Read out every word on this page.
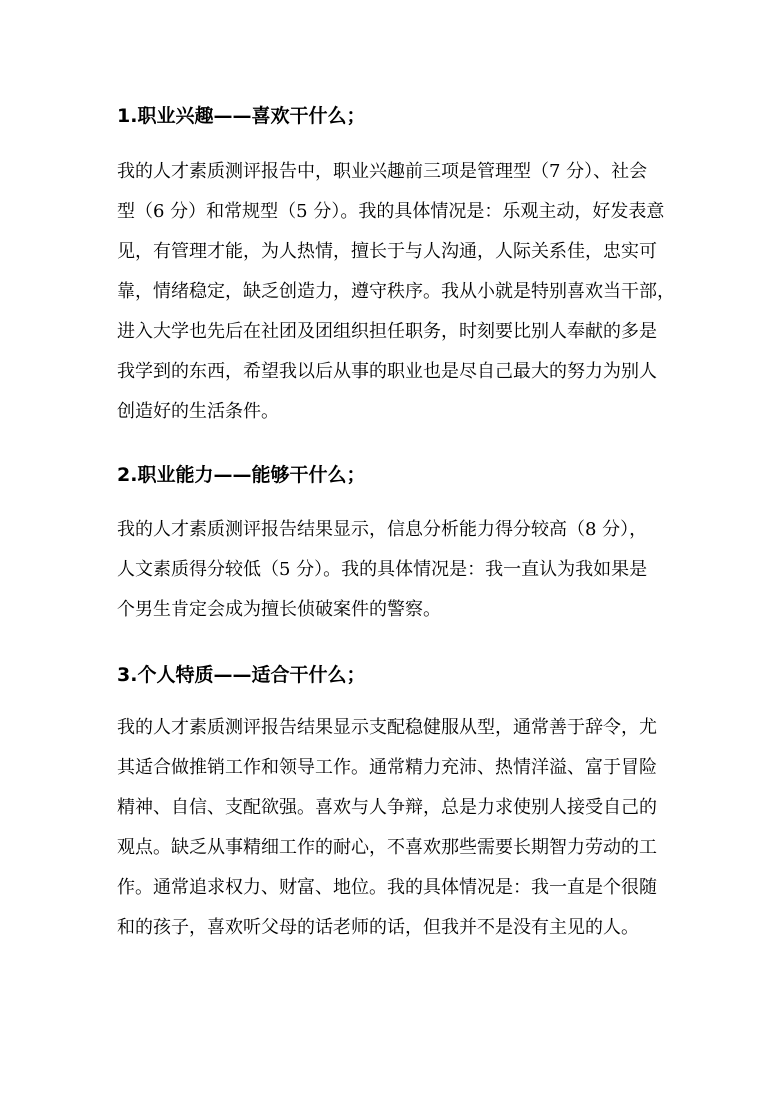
1.职业兴趣——喜欢干什么；
我的人才素质测评报告中，职业兴趣前三项是管理型（7 分）、社会
型（6 分）和常规型（5 分）。我的具体情况是：乐观主动，好发表意
见，有管理才能，为人热情，擅长于与人沟通，人际关系佳，忠实可
靠，情绪稳定，缺乏创造力，遵守秩序。我从小就是特别喜欢当干部，
进入大学也先后在社团及团组织担任职务，时刻要比别人奉献的多是
我学到的东西，希望我以后从事的职业也是尽自己最大的努力为别人
创造好的生活条件。
2.职业能力——能够干什么；
我的人才素质测评报告结果显示，信息分析能力得分较高（8 分），
人文素质得分较低（5 分）。我的具体情况是：我一直认为我如果是
个男生肯定会成为擅长侦破案件的警察。
3.个人特质——适合干什么；
我的人才素质测评报告结果显示支配稳健服从型，通常善于辞令，尤
其适合做推销工作和领导工作。通常精力充沛、热情洋溢、富于冒险
精神、自信、支配欲强。喜欢与人争辩，总是力求使别人接受自己的
观点。缺乏从事精细工作的耐心，不喜欢那些需要长期智力劳动的工
作。通常追求权力、财富、地位。我的具体情况是：我一直是个很随
和的孩子，喜欢听父母的话老师的话，但我并不是没有主见的人。
